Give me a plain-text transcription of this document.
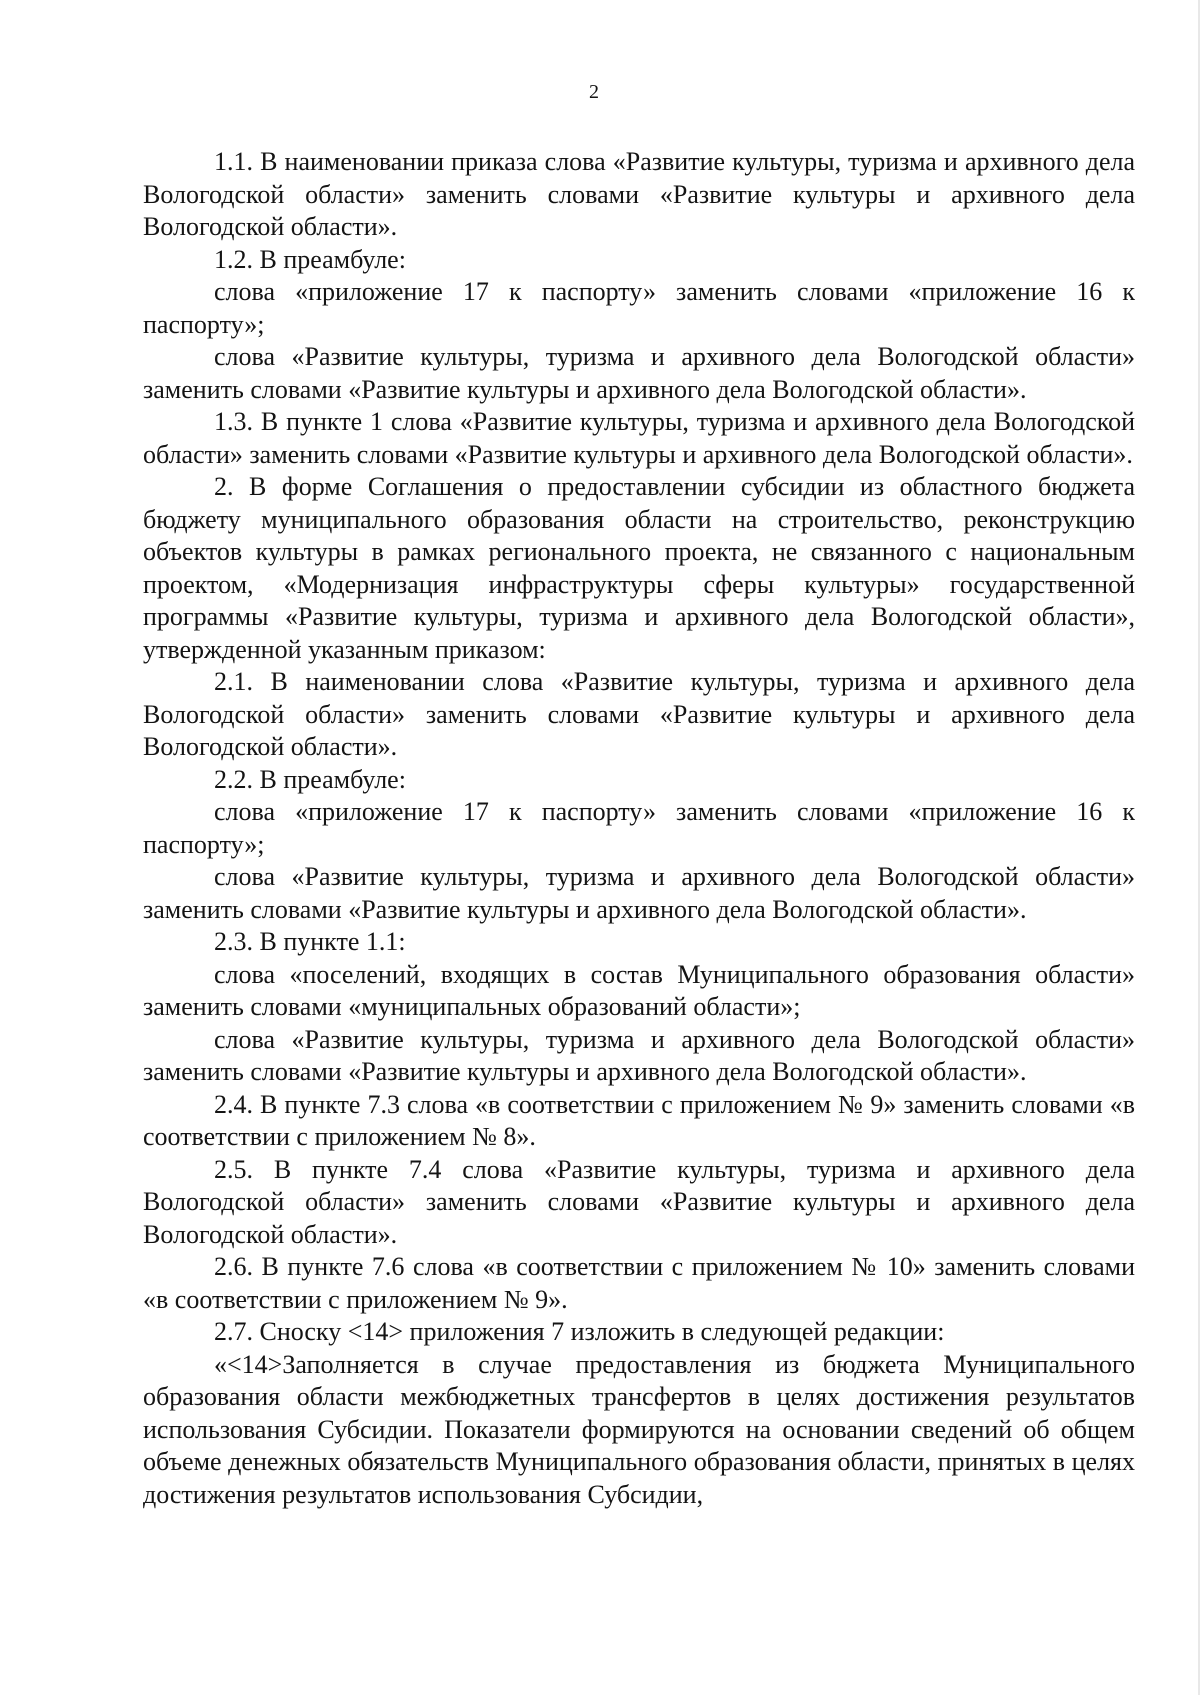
2

1.1. В наименовании приказа слова «Развитие культуры, туризма и архивного дела Вологодской области» заменить словами «Развитие культуры и архивного дела Вологодской области».

1.2. В преамбуле:

слова «приложение 17 к паспорту» заменить словами «приложение 16 к паспорту»;

слова «Развитие культуры, туризма и архивного дела Вологодской области» заменить словами «Развитие культуры и архивного дела Вологодской области».

1.3. В пункте 1 слова «Развитие культуры, туризма и архивного дела Вологодской области» заменить словами «Развитие культуры и архивного дела Вологодской области».

2. В форме Соглашения о предоставлении субсидии из областного бюджета бюджету муниципального образования области на строительство, реконструкцию объектов культуры в рамках регионального проекта, не связанного с национальным проектом, «Модернизация инфраструктуры сферы культуры» государственной программы «Развитие культуры, туризма и архивного дела Вологодской области», утвержденной указанным приказом:

2.1. В наименовании слова «Развитие культуры, туризма и архивного дела Вологодской области» заменить словами «Развитие культуры и архивного дела Вологодской области».

2.2. В преамбуле:

слова «приложение 17 к паспорту» заменить словами «приложение 16 к паспорту»;

слова «Развитие культуры, туризма и архивного дела Вологодской области» заменить словами «Развитие культуры и архивного дела Вологодской области».

2.3. В пункте 1.1:

слова «поселений, входящих в состав Муниципального образования области» заменить словами «муниципальных образований области»;

слова «Развитие культуры, туризма и архивного дела Вологодской области» заменить словами «Развитие культуры и архивного дела Вологодской области».

2.4. В пункте 7.3 слова «в соответствии с приложением № 9» заменить словами «в соответствии с приложением № 8».

2.5. В пункте 7.4 слова «Развитие культуры, туризма и архивного дела Вологодской области» заменить словами «Развитие культуры и архивного дела Вологодской области».

2.6. В пункте 7.6 слова «в соответствии с приложением № 10» заменить словами «в соответствии с приложением № 9».

2.7. Сноску <14> приложения 7 изложить в следующей редакции:

«<14>Заполняется в случае предоставления из бюджета Муниципального образования области межбюджетных трансфертов в целях достижения результатов использования Субсидии. Показатели формируются на основании сведений об общем объеме денежных обязательств Муниципального образования области, принятых в целях достижения результатов использования Субсидии,
